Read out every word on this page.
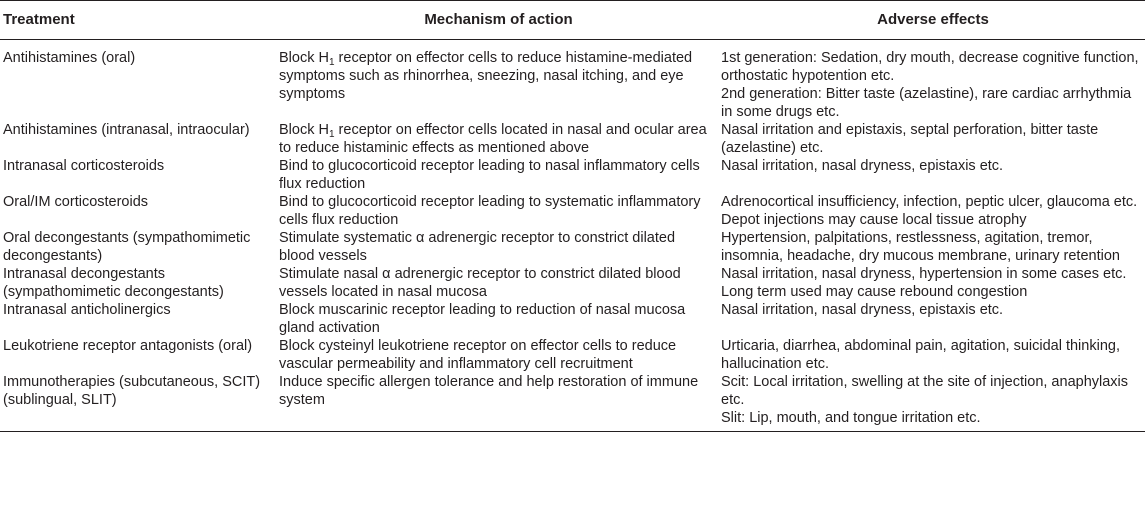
Treatment	Mechanism of action	Adverse effects
Antihistamines (oral)	Block $H_1$ receptor on effector cells to reduce histamine-mediated symptoms such as rhinorrhea, sneezing, nasal itching, and eye symptoms	1st generation: Sedation, dry mouth, decrease cognitive function, orthostatic hypotention etc.
2nd generation: Bitter taste (azelastine), rare cardiac arrhythmia in some drugs etc.

Antihistamines (intranasal, intraocular)	Block $H_1$ receptor on effector cells located in nasal and ocular area to reduce histaminic effects as mentioned above	Nasal irritation and epistaxis, septal perforation, bitter taste (azelastine) etc.

Intranasal corticosteroids	Bind to glucocorticoid receptor leading to nasal inflammatory cells flux reduction	Nasal irritation, nasal dryness, epistaxis etc.

Oral/IM corticosteroids	Bind to glucocorticoid receptor leading to systematic inflammatory cells flux reduction	Adrenocortical insufficiency, infection, peptic ulcer, glaucoma etc.
Depot injections may cause local tissue atrophy

Oral decongestants (sympathomimetic decongestants)	Stimulate systematic α adrenergic receptor to constrict dilated blood vessels	Hypertension, palpitations, restlessness, agitation, tremor, insomnia, headache, dry mucous membrane, urinary retention

Intranasal decongestants (sympathomimetic decongestants)	Stimulate nasal α adrenergic receptor to constrict dilated blood vessels located in nasal mucosa	Nasal irritation, nasal dryness, hypertension in some cases etc.
Long term used may cause rebound congestion

Intranasal anticholinergics	Block muscarinic receptor leading to reduction of nasal mucosa gland activation	Nasal irritation, nasal dryness, epistaxis etc.

Leukotriene receptor antagonists (oral)	Block cysteinyl leukotriene receptor on effector cells to reduce vascular permeability and inflammatory cell recruitment	Urticaria, diarrhea, abdominal pain, agitation, suicidal thinking, hallucination etc.

Immunotherapies (subcutaneous, SCIT) (sublingual, SLIT)	Induce specific allergen tolerance and help restoration of immune system	Scit: Local irritation, swelling at the site of injection, anaphylaxis etc.
Slit: Lip, mouth, and tongue irritation etc.
